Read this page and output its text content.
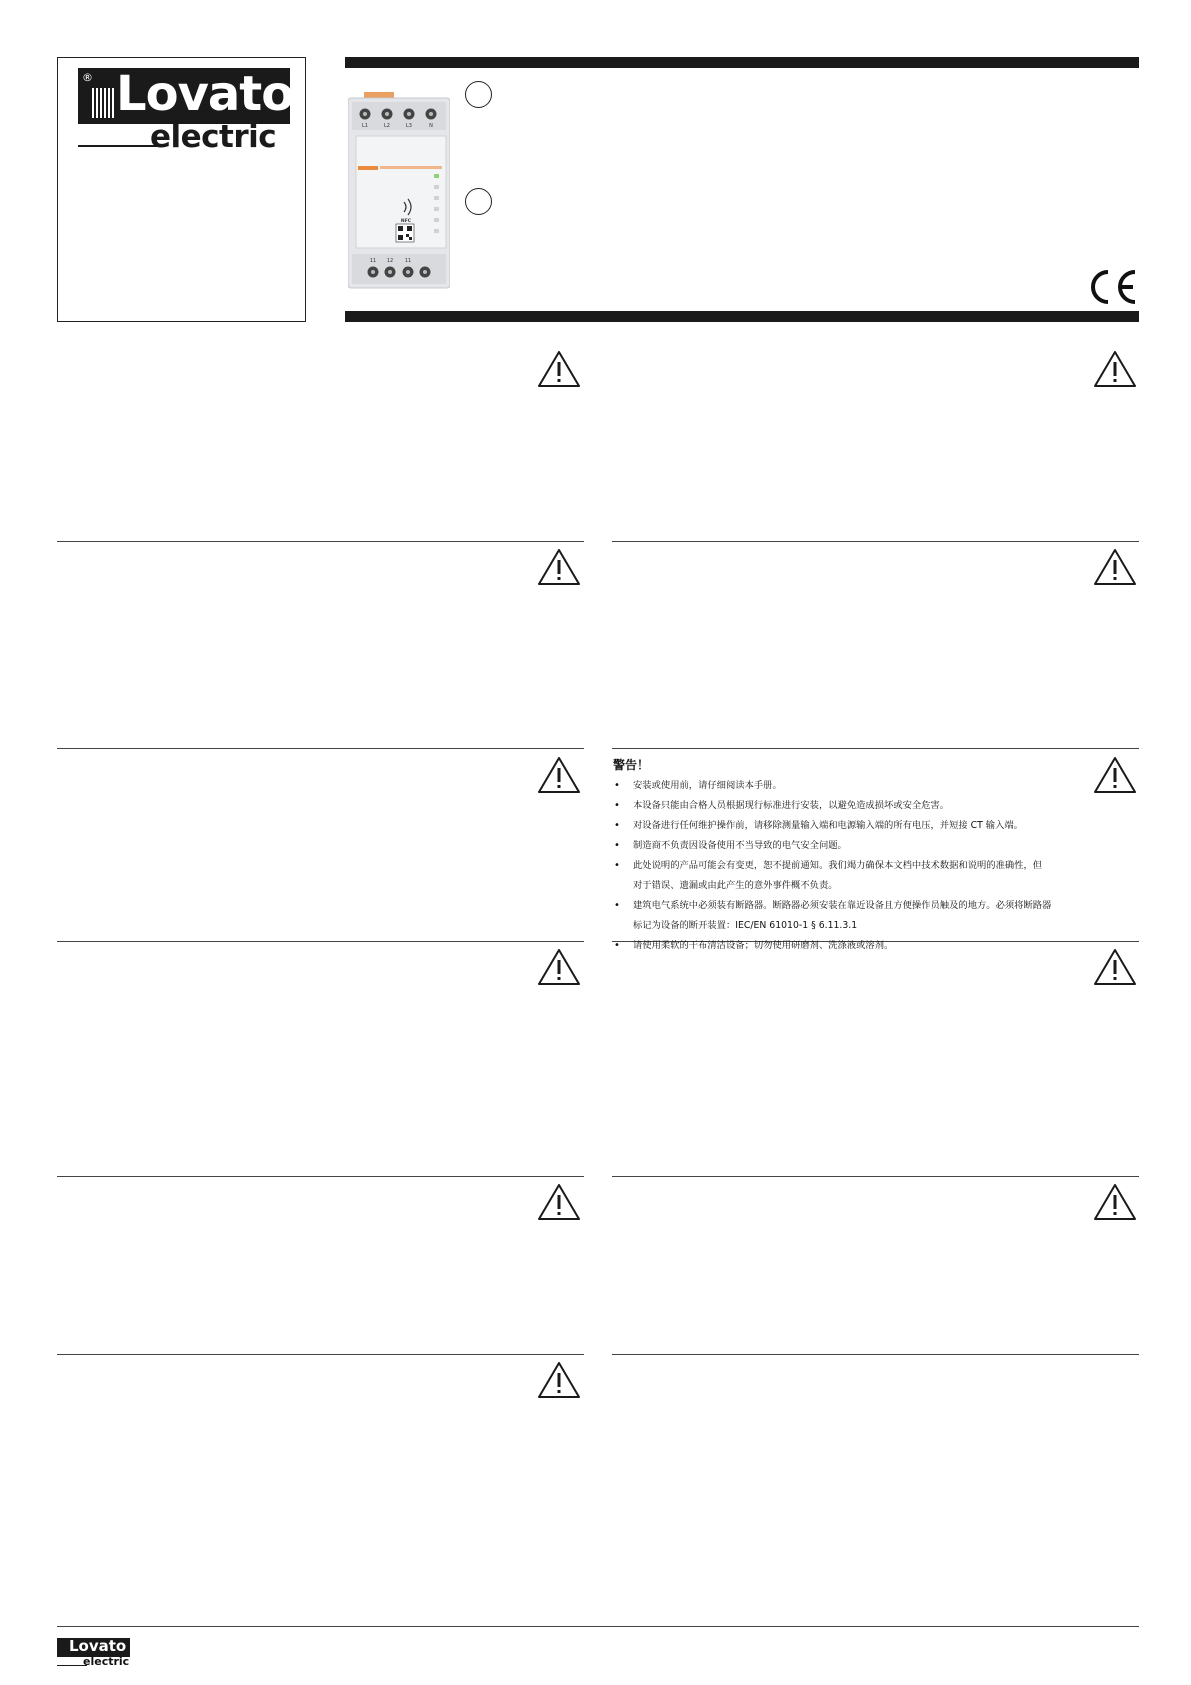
® Lovato
electric	L1	L2	L3	N
NFC
11 12 11
警告！
• 安装或使用前，请仔细阅读本手册。
• 本设备只能由合格人员根据现行标准进行安装，以避免造成损坏或安全危害。
• 对设备进行任何维护操作前，请移除测量输入端和电源输入端的所有电压，并短接 CT 输入端。
• 制造商不负责因设备使用不当导致的电气安全问题。
• 此处说明的产品可能会有变更，恕不提前通知。我们竭力确保本文档中技术数据和说明的准确性，但
对于错误、遗漏或由此产生的意外事件概不负责。
• 建筑电气系统中必须装有断路器。断路器必须安装在靠近设备且方便操作员触及的地方。必须将断路器
标记为设备的断开装置：IEC/EN 61010-1 § 6.11.3.1
• 请使用柔软的干布清洁设备；切勿使用研磨剂、洗涤液或溶剂。
Lovato
electric
